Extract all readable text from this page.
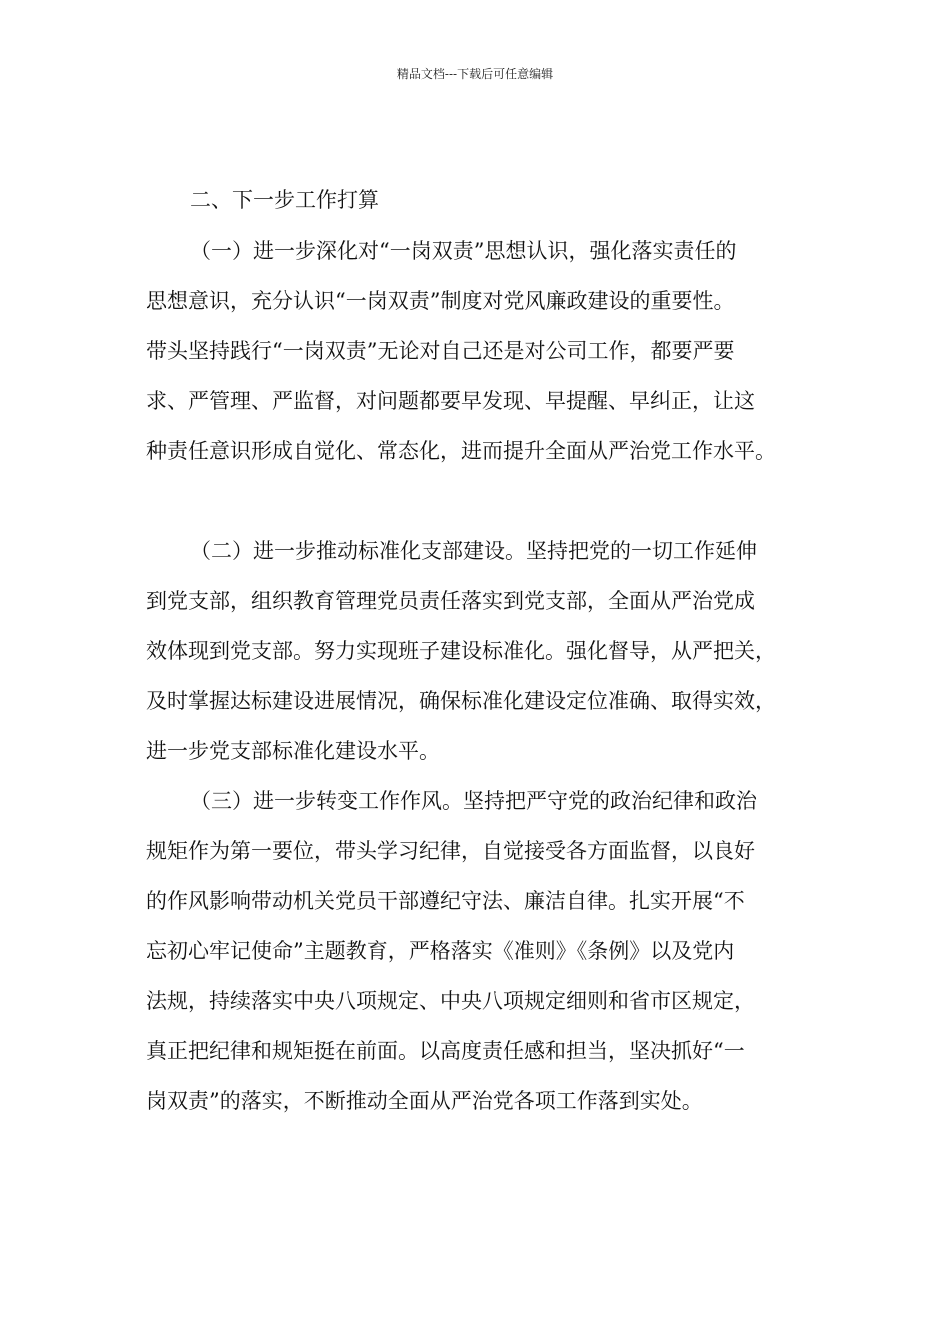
精品文档---下载后可任意编辑
二、下一步工作打算
（一）进一步深化对“一岗双责”思想认识，强化落实责任的
思想意识，充分认识“一岗双责”制度对党风廉政建设的重要性。
带头坚持践行“一岗双责”无论对自己还是对公司工作，都要严要
求、严管理、严监督，对问题都要早发现、早提醒、早纠正，让这
种责任意识形成自觉化、常态化，进而提升全面从严治党工作水平。
（二）进一步推动标准化支部建设。坚持把党的一切工作延伸
到党支部，组织教育管理党员责任落实到党支部，全面从严治党成
效体现到党支部。努力实现班子建设标准化。强化督导，从严把关，
及时掌握达标建设进展情况，确保标准化建设定位准确、取得实效，
进一步党支部标准化建设水平。
（三）进一步转变工作作风。坚持把严守党的政治纪律和政治
规矩作为第一要位，带头学习纪律，自觉接受各方面监督，以良好
的作风影响带动机关党员干部遵纪守法、廉洁自律。扎实开展“不
忘初心牢记使命”主题教育，严格落实《准则》《条例》以及党内
法规，持续落实中央八项规定、中央八项规定细则和省市区规定，
真正把纪律和规矩挺在前面。以高度责任感和担当，坚决抓好“一
岗双责”的落实，不断推动全面从严治党各项工作落到实处。
